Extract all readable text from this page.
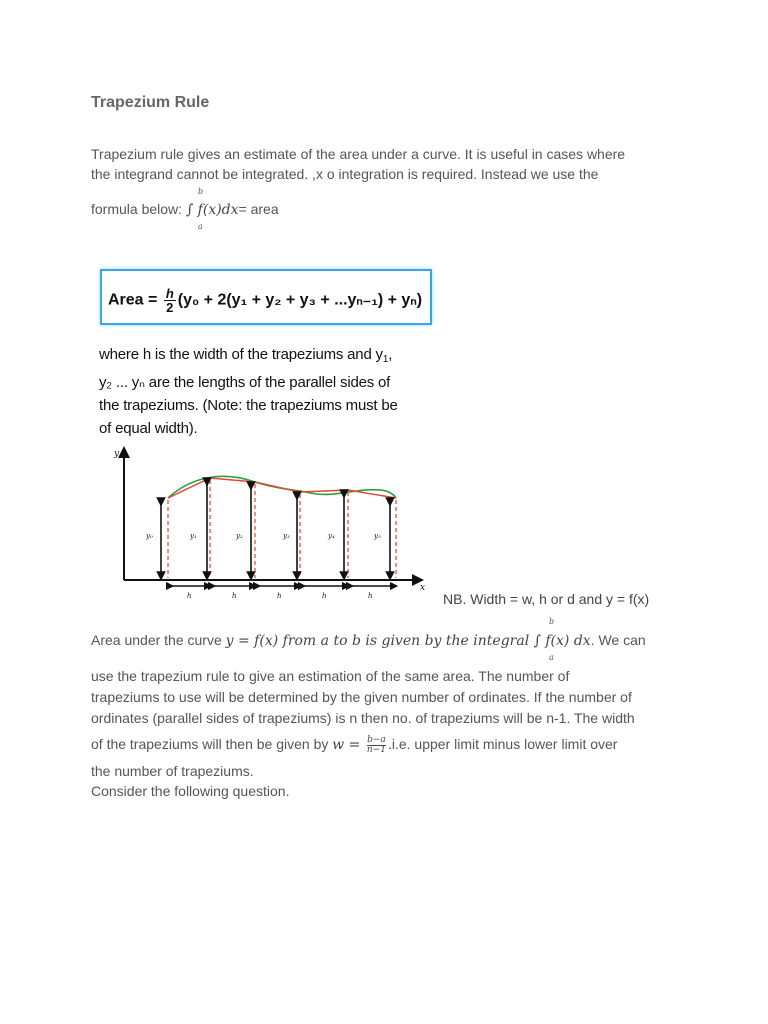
Trapezium Rule
Trapezium rule gives an estimate of the area under a curve. It is useful in cases where
the integrand cannot be integrated. ,x o integration is required. Instead we use the
formula below: ∫ f(x)dx= area
b
a
Area = $\frac{h}{2} (y_0 + 2(y_1 + y_2 + y_3 + ...y_{n-1}) + y_n)$
where h is the width of the trapeziums and $y_1$,
y₂ ... yₙ are the lengths of the parallel sides of
the trapeziums. (Note: the trapeziums must be
of equal width).
y
x
y₀	y₁	y₂	y₃	y₄	y₅
h	h	h	h	h	NB. Width = w, h or d and y = f(x)
Area under the curve y = f(x) from a to b is given by the integral ∫ f(x) dx. We can
b
a
use the trapezium rule to give an estimation of the same area. The number of
trapeziums to use will be determined by the given number of ordinates. If the number of
ordinates (parallel sides of trapeziums) is n then no. of trapeziums will be n-1. The width
of the trapeziums will then be given by $w = \frac{b-a}{n-1} .i.e$. upper limit minus lower limit over
the number of trapeziums.
Consider the following question.
